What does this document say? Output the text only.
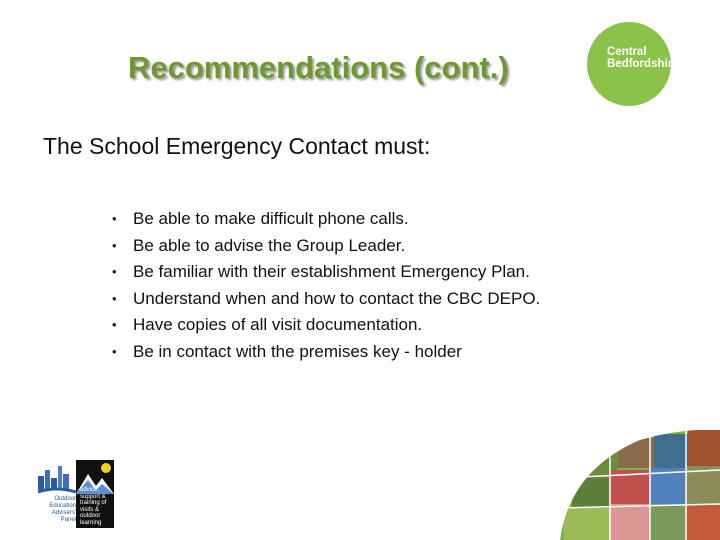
Recommendations (cont.)	Central
Bedfordshire
The School Emergency Contact must:
• Be able to make difficult phone calls.
• Be able to advise the Group Leader.
• Be familiar with their establishment Emergency Plan.
• Understand when and how to contact the CBC DEPO.
• Have copies of all visit documentation.
• Be in contact with the premises key - holder
Outdoor Education Advisers' Panel
advice, support & training of visits & outdoor learning
